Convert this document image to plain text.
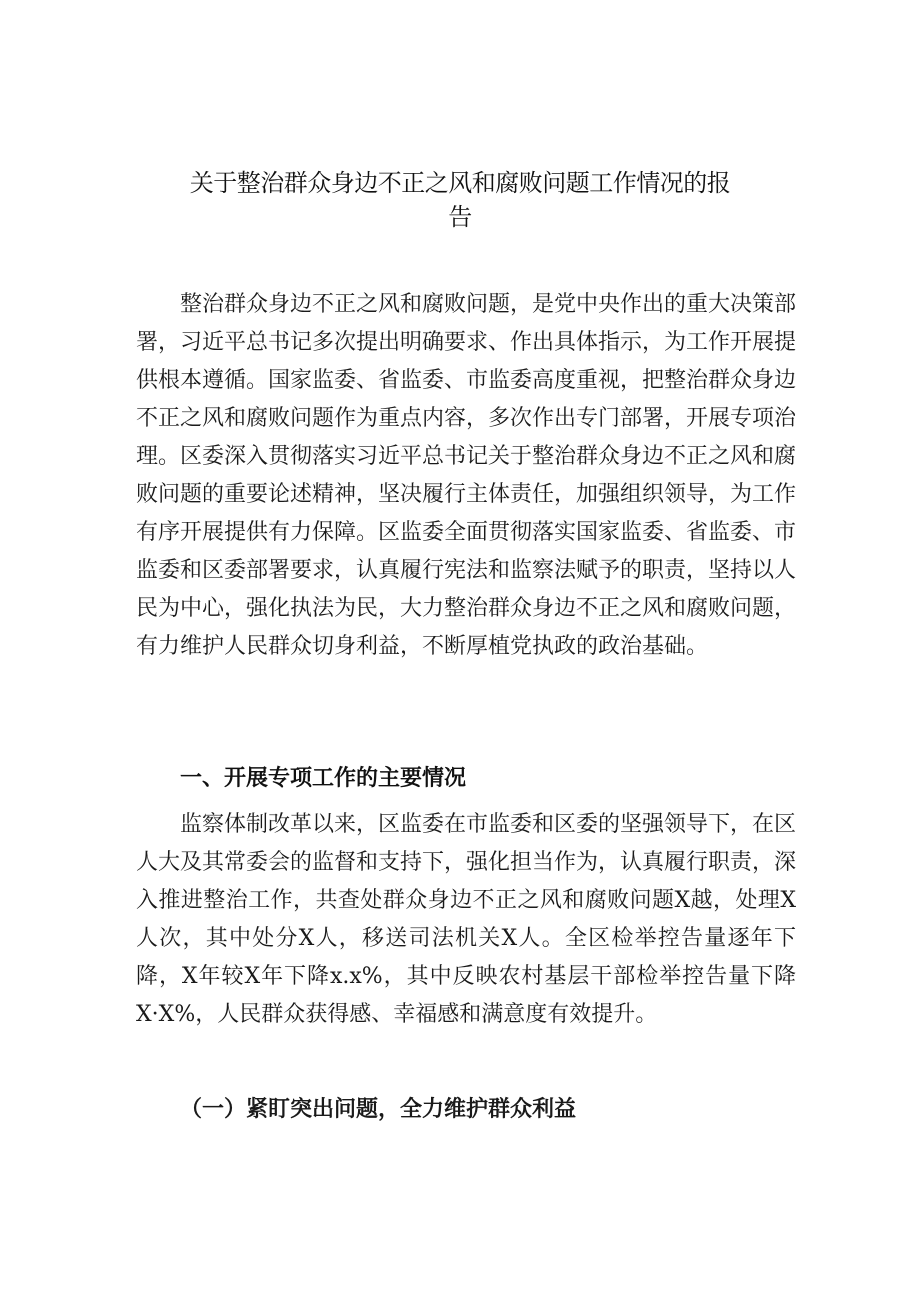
关于整治群众身边不正之风和腐败问题工作情况的报
告

整治群众身边不正之风和腐败问题，是党中央作出的重大决策部署，习近平总书记多次提出明确要求、作出具体指示，为工作开展提供根本遵循。国家监委、省监委、市监委高度重视，把整治群众身边不正之风和腐败问题作为重点内容，多次作出专门部署，开展专项治理。区委深入贯彻落实习近平总书记关于整治群众身边不正之风和腐败问题的重要论述精神，坚决履行主体责任，加强组织领导，为工作有序开展提供有力保障。区监委全面贯彻落实国家监委、省监委、市监委和区委部署要求，认真履行宪法和监察法赋予的职责，坚持以人民为中心，强化执法为民，大力整治群众身边不正之风和腐败问题，有力维护人民群众切身利益，不断厚植党执政的政治基础。

一、开展专项工作的主要情况

监察体制改革以来，区监委在市监委和区委的坚强领导下，在区人大及其常委会的监督和支持下，强化担当作为，认真履行职责，深入推进整治工作，共查处群众身边不正之风和腐败问题X越，处理X人次，其中处分X人，移送司法机关X人。全区检举控告量逐年下降，X年较X年下降x.x%，其中反映农村基层干部检举控告量下降X·X%，人民群众获得感、幸福感和满意度有效提升。

（一）紧盯突出问题，全力维护群众利益
